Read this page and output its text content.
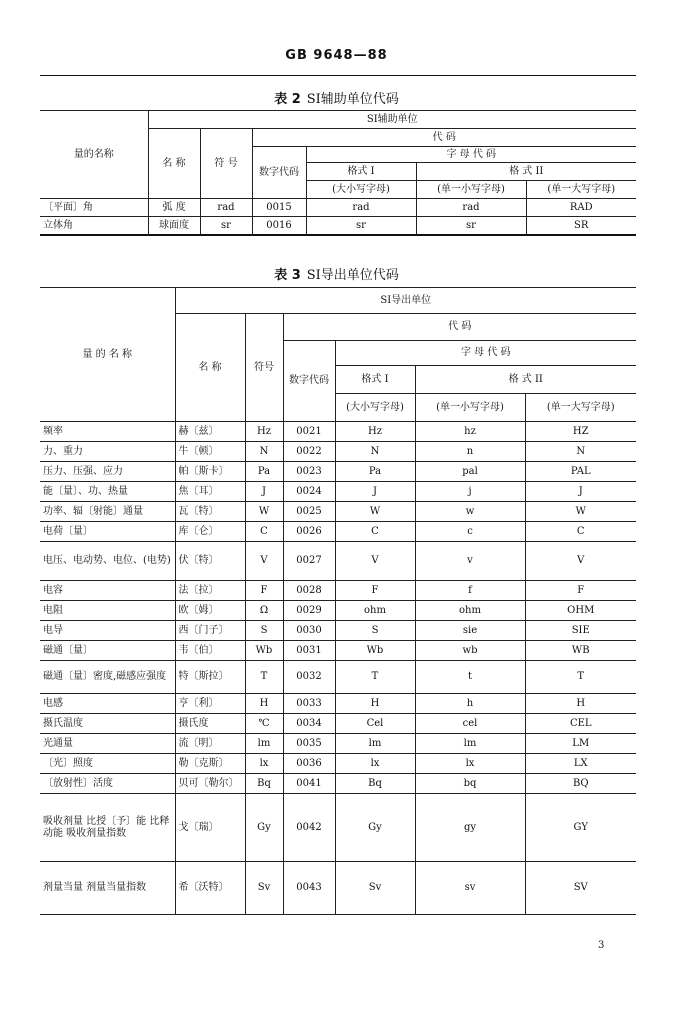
GB 9648—88
表 2 SI辅助单位代码
量的名称	SI辅助单位					
	名 称	符 号	代 码			
			数字代码	字 母 代 码		
				格式 I	格 式 II	
				(大小写字母)	(单一小写字母)	(单一大写字母)
〔平面〕角	弧 度	rad	0015	rad	rad	RAD
立体角	球面度	sr	0016	sr	sr	SR
表 3 SI导出单位代码
量 的 名 称	SI导出单位					
	名 称	符号	代 码			
			数字代码	字 母 代 码		
				格式 I	格 式 II	
				(大小写字母)	(单一小写字母)	(单一大写字母)
频率	赫〔兹〕	Hz	0021	Hz	hz	HZ
力、重力	牛〔顿〕	N	0022	N	n	N
压力、压强、应力	帕〔斯卡〕	Pa	0023	Pa	pal	PAL
能〔量〕、功、热量	焦〔耳〕	J	0024	J	j	J
功率、辐〔射能〕通量	瓦〔特〕	W	0025	W	w	W
电荷〔量〕	库〔仑〕	C	0026	C	c	C
电压、电动势、电位、(电势)	伏〔特〕	V	0027	V	v	V
电容	法〔拉〕	F	0028	F	f	F
电阻	欧〔姆〕	Ω	0029	ohm	ohm	OHM
电导	西〔门子〕	S	0030	S	sie	SIE
磁通〔量〕	韦〔伯〕	Wb	0031	Wb	wb	WB
磁通〔量〕密度,磁感应强度	特〔斯拉〕	T	0032	T	t	T
电感	亨〔利〕	H	0033	H	h	H
摄氏温度	摄氏度	℃	0034	Cel	cel	CEL
光通量	流〔明〕	lm	0035	lm	lm	LM
〔光〕照度	勒〔克斯〕	lx	0036	lx	lx	LX
〔放射性〕活度	贝可〔勒尔〕	Bq	0041	Bq	bq	BQ
吸收剂量 比授〔予〕能 比释动能 吸收剂量指数	戈〔瑞〕	Gy	0042	Gy	gy	GY
剂量当量 剂量当量指数	希〔沃特〕	Sv	0043	Sv	sv	SV
3
